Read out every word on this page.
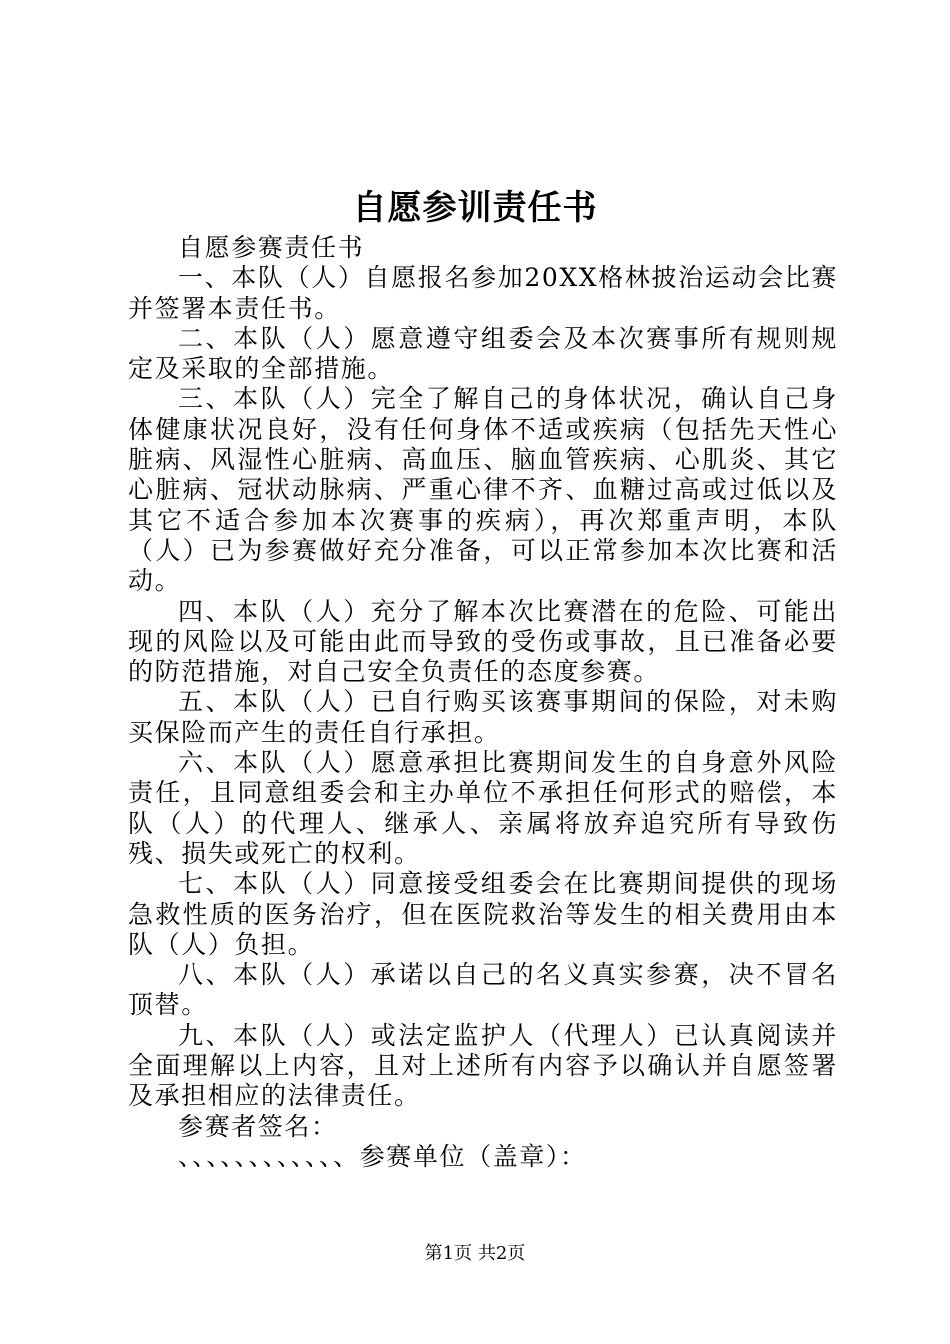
自愿参训责任书

自愿参赛责任书

一、本队（人）自愿报名参加20XX格林披治运动会比赛并签署本责任书。

二、本队（人）愿意遵守组委会及本次赛事所有规则规定及采取的全部措施。

三、本队（人）完全了解自己的身体状况，确认自己身体健康状况良好，没有任何身体不适或疾病（包括先天性心脏病、风湿性心脏病、高血压、脑血管疾病、心肌炎、其它心脏病、冠状动脉病、严重心律不齐、血糖过高或过低以及其它不适合参加本次赛事的疾病），再次郑重声明，本队（人）已为参赛做好充分准备，可以正常参加本次比赛和活动。

四、本队（人）充分了解本次比赛潜在的危险、可能出现的风险以及可能由此而导致的受伤或事故，且已准备必要的防范措施，对自己安全负责任的态度参赛。

五、本队（人）已自行购买该赛事期间的保险，对未购买保险而产生的责任自行承担。

六、本队（人）愿意承担比赛期间发生的自身意外风险责任，且同意组委会和主办单位不承担任何形式的赔偿，本队（人）的代理人、继承人、亲属将放弃追究所有导致伤残、损失或死亡的权利。

七、本队（人）同意接受组委会在比赛期间提供的现场急救性质的医务治疗，但在医院救治等发生的相关费用由本队（人）负担。

八、本队（人）承诺以自己的名义真实参赛，决不冒名顶替。

九、本队（人）或法定监护人（代理人）已认真阅读并全面理解以上内容，且对上述所有内容予以确认并自愿签署及承担相应的法律责任。

参赛者签名：

、、、、、、、、、、、、参赛单位（盖章）：

第1页 共2页
